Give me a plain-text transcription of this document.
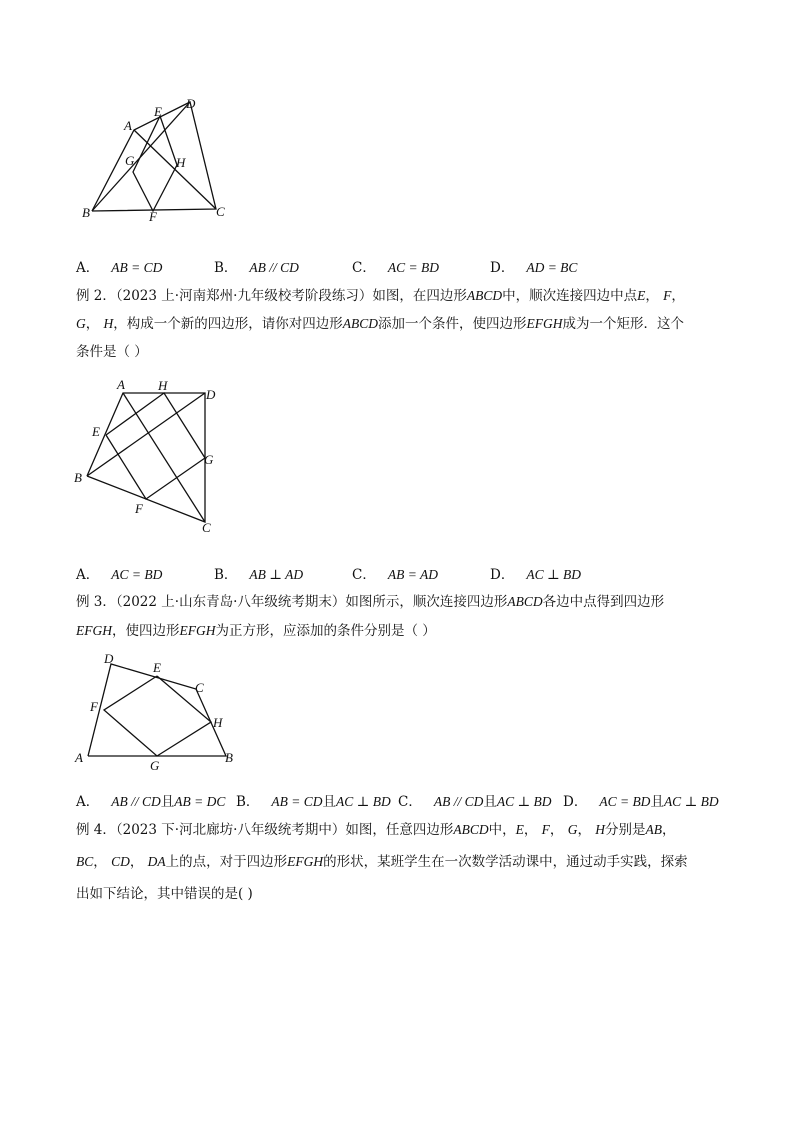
A
E
D
G	H
B	F	C
A． AB = CD	B． AB // CD	C． AC = BD	D． AD = BC
例 2．（2023 上·河南郑州·九年级校考阶段练习）如图，在四边形ABCD中，顺次连接四边中点E， F，
G， H，构成一个新的四边形，请你对四边形ABCD添加一个条件，使四边形EFGH成为一个矩形．这个
条件是（ ）
A	H
D
E
G
B
F
C
A． AC = BD	B． AB ⊥ AD	C． AB = AD	D． AC ⊥ BD
例 3．（2022 上·山东青岛·八年级统考期末）如图所示，顺次连接四边形ABCD各边中点得到四边形
EFGH，使四边形EFGH为正方形，应添加的条件分别是（ ）
D
E
C
F
H
A
G
B
A． AB // CD且AB = DC B． AB = CD且AC ⊥ BD C． AB // CD且AC ⊥ BD D． AC = BD且AC ⊥ BD
例 4．（2023 下·河北廊坊·八年级统考期中）如图，任意四边形ABCD中，E， F， G， H分别是AB，
BC， CD， DA上的点，对于四边形EFGH的形状，某班学生在一次数学活动课中，通过动手实践，探索
出如下结论，其中错误的是( )
